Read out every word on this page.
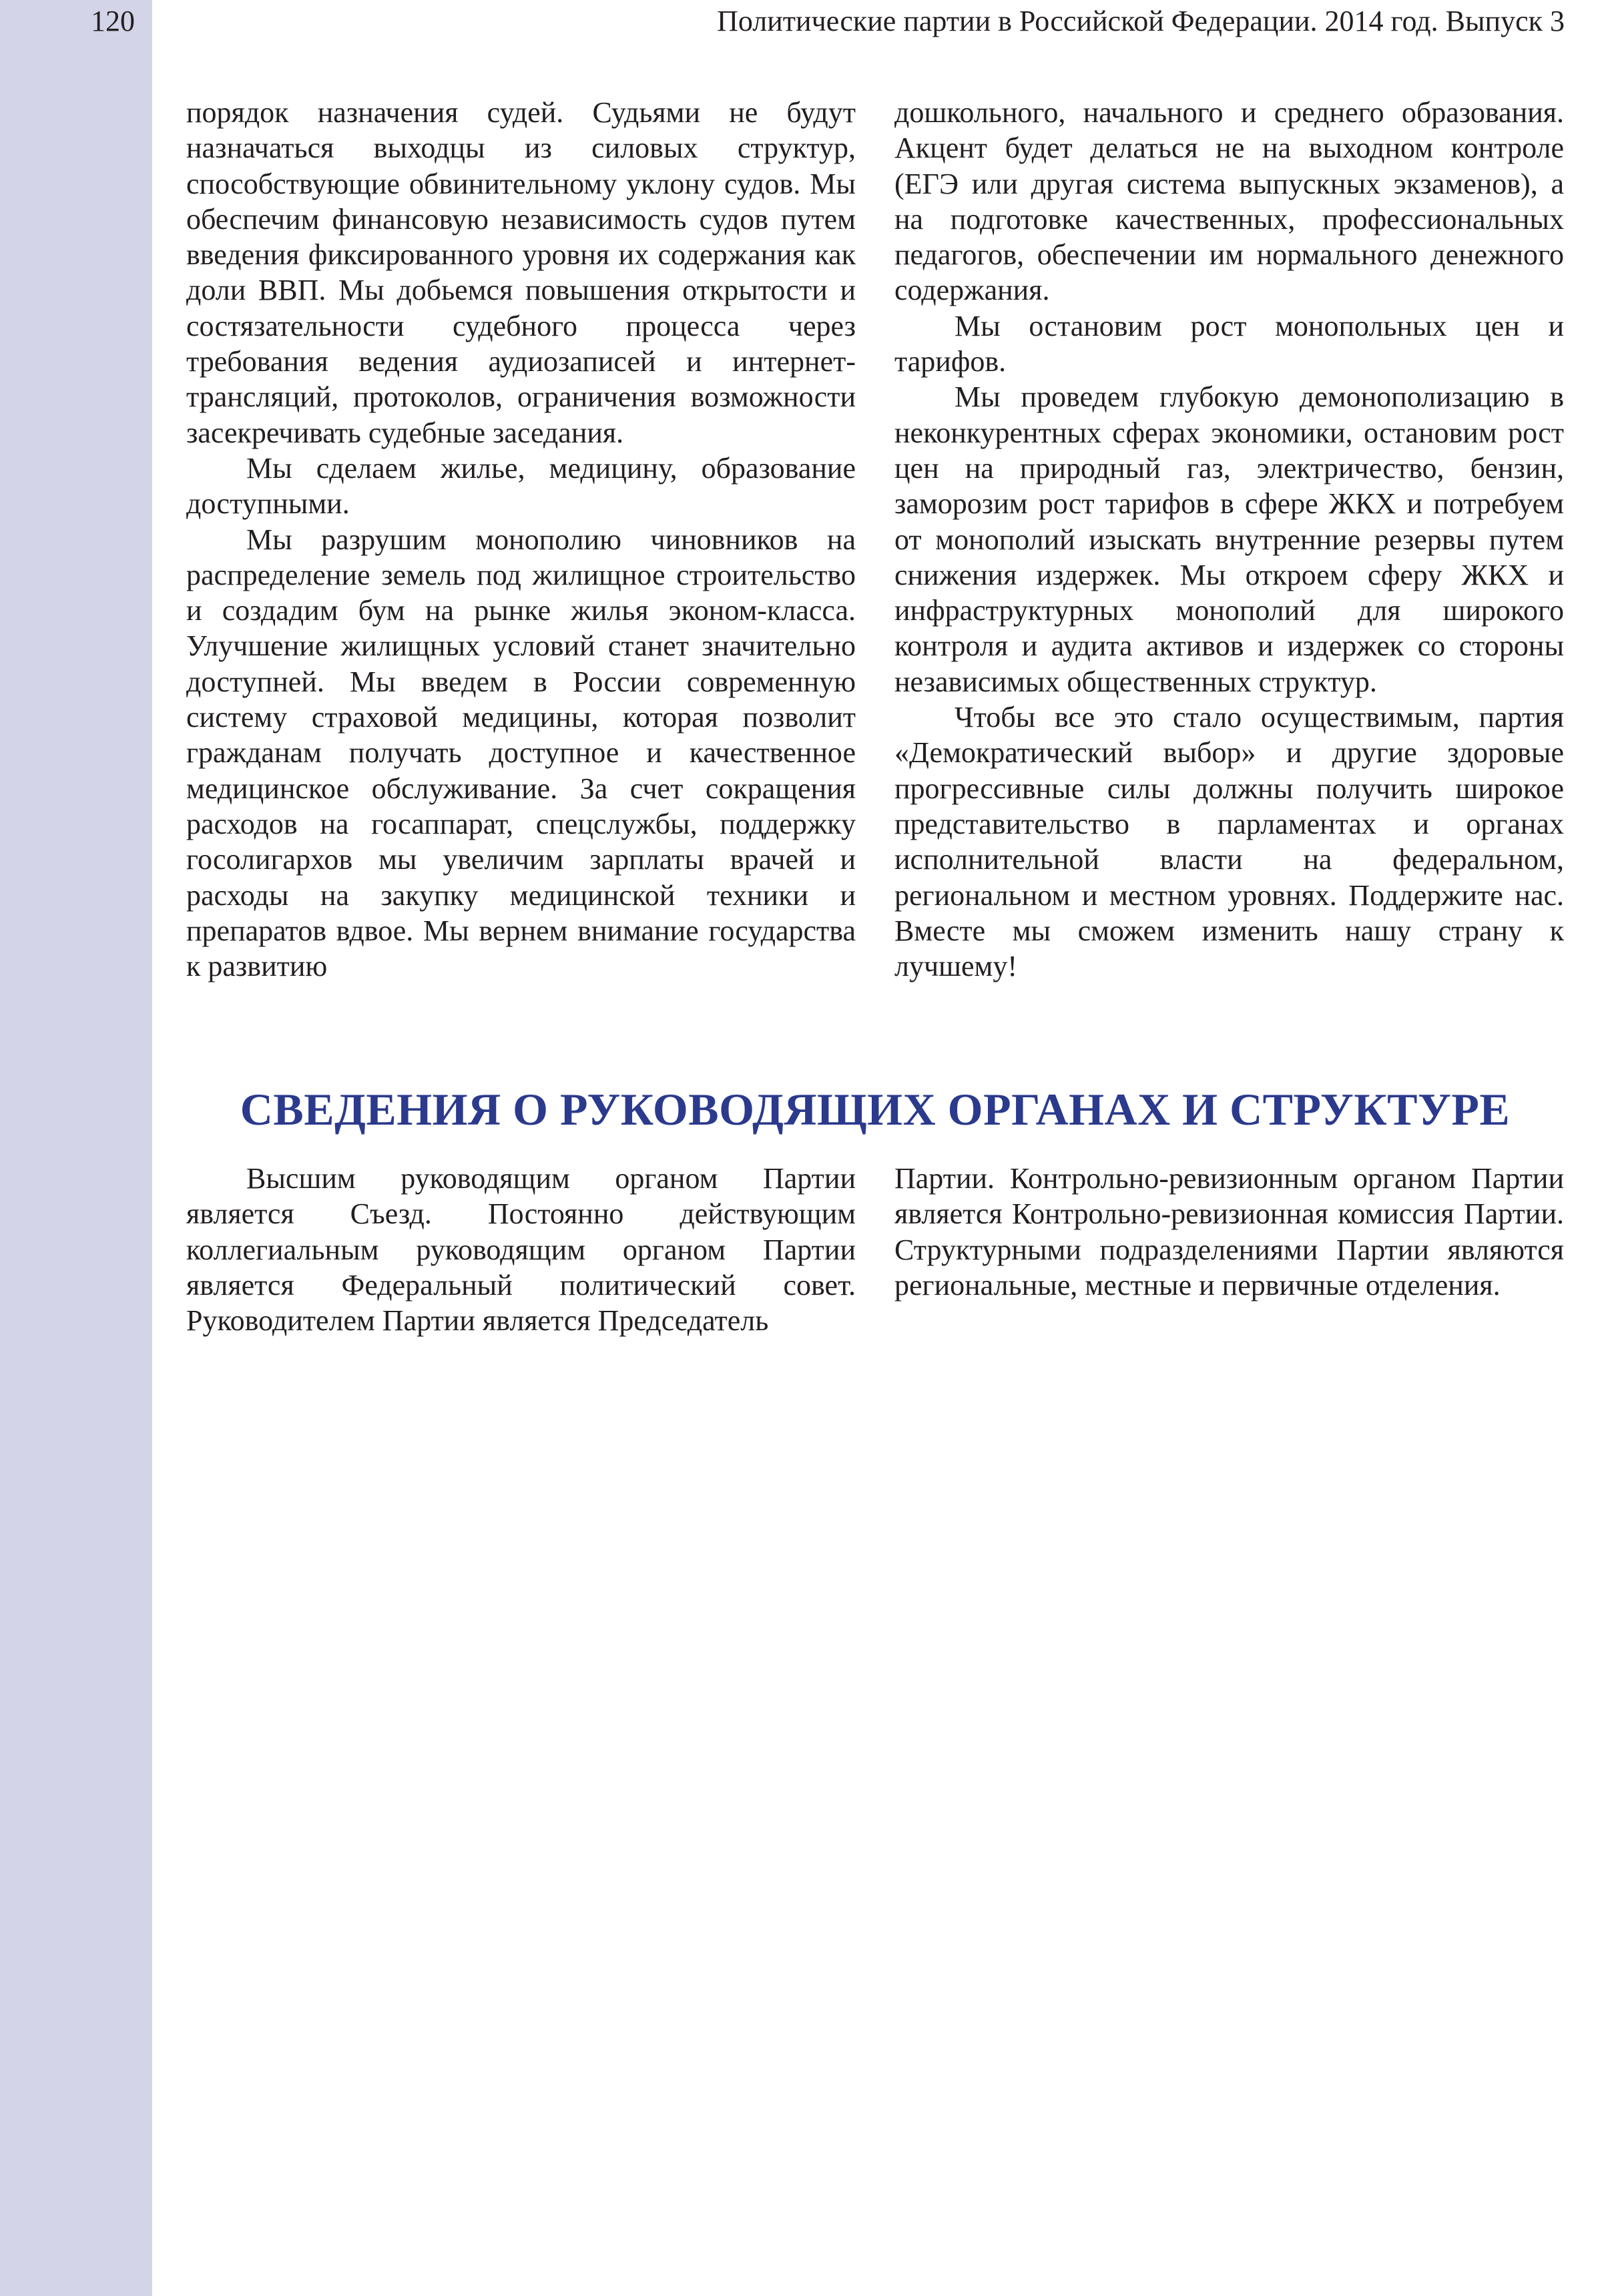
120	Политические партии в Российской Федерации. 2014 год. Выпуск 3

порядок назначения судей. Судьями не будут назначаться выходцы из силовых структур, способствующие обвинительному уклону судов. Мы обеспечим финансовую независимость судов путем введения фиксированного уровня их содержания как доли ВВП. Мы добьемся повышения открытости и состязательности судебного процесса через требования ведения аудиозаписей и интернет-трансляций, протоколов, ограничения возможности засекречивать судебные заседания.

Мы сделаем жилье, медицину, образование доступными.

Мы разрушим монополию чиновников на распределение земель под жилищное строительство и создадим бум на рынке жилья эконом-класса. Улучшение жилищных условий станет значительно доступней. Мы введем в России современную систему страховой медицины, которая позволит гражданам получать доступное и качественное медицинское обслуживание. За счет сокращения расходов на госаппарат, спецслужбы, поддержку госолигархов мы увеличим зарплаты врачей и расходы на закупку медицинской техники и препаратов вдвое. Мы вернем внимание государства к развитию

дошкольного, начального и среднего образования. Акцент будет делаться не на выходном контроле (ЕГЭ или другая система выпускных экзаменов), а на подготовке качественных, профессиональных педагогов, обеспечении им нормального денежного содержания.

Мы остановим рост монопольных цен и тарифов.

Мы проведем глубокую демонополизацию в неконкурентных сферах экономики, остановим рост цен на природный газ, электричество, бензин, заморозим рост тарифов в сфере ЖКХ и потребуем от монополий изыскать внутренние резервы путем снижения издержек. Мы откроем сферу ЖКХ и инфраструктурных монополий для широкого контроля и аудита активов и издержек со стороны независимых общественных структур.

Чтобы все это стало осуществимым, партия «Демократический выбор» и другие здоровые прогрессивные силы должны получить широкое представительство в парламентах и органах исполнительной власти на федеральном, региональном и местном уровнях. Поддержите нас. Вместе мы сможем изменить нашу страну к лучшему!

СВЕДЕНИЯ О РУКОВОДЯЩИХ ОРГАНАХ И СТРУКТУРЕ

Высшим руководящим органом Партии является Съезд. Постоянно действующим коллегиальным руководящим органом Партии является Федеральный политический совет. Руководителем Партии является Председатель

Партии. Контрольно-ревизионным органом Партии является Контрольно-ревизионная комиссия Партии. Структурными подразделениями Партии являются региональные, местные и первичные отделения.
